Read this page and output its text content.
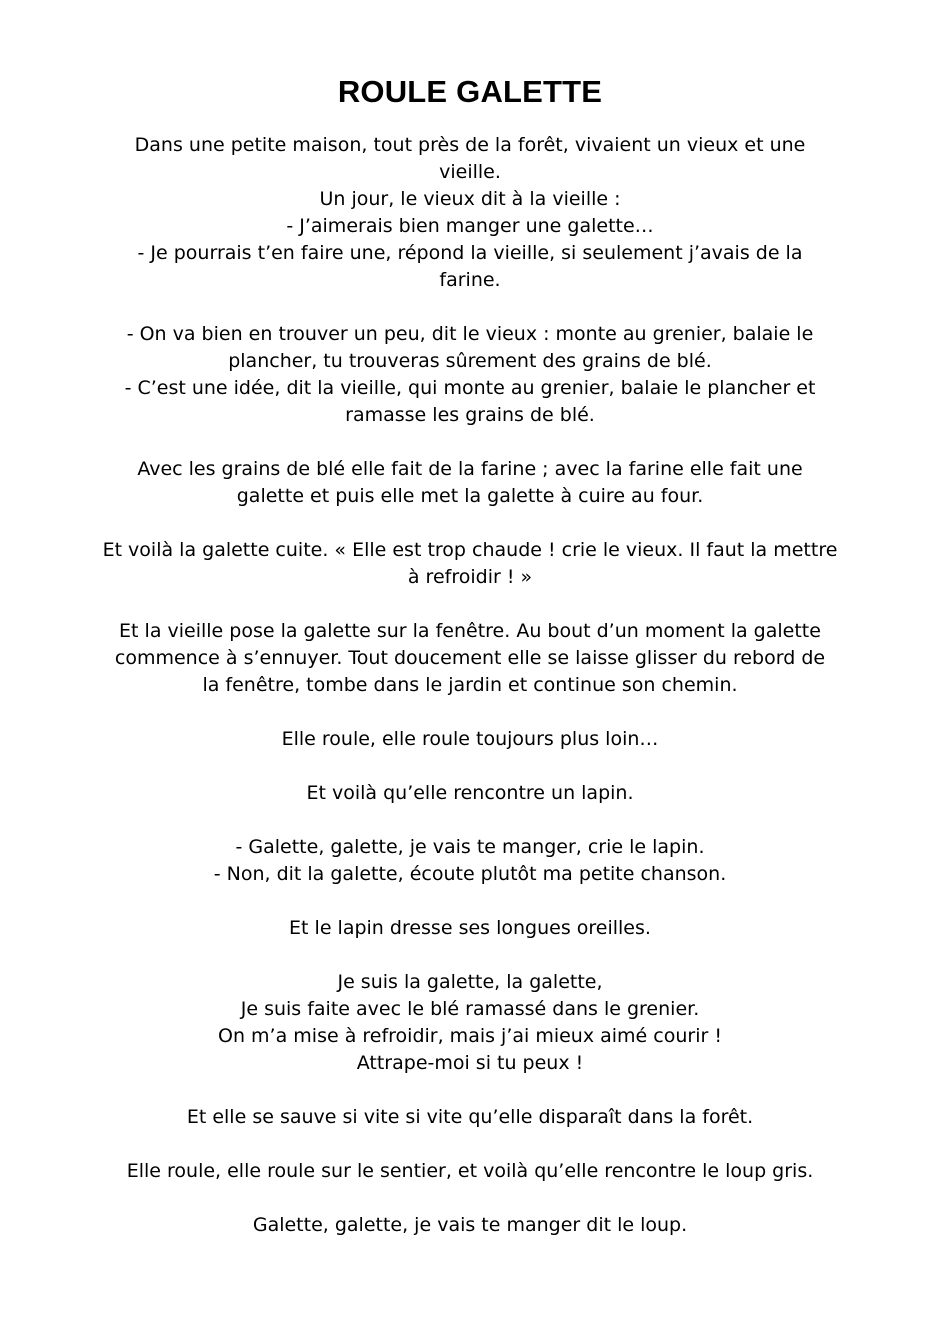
ROULE GALETTE

Dans une petite maison, tout près de la forêt, vivaient un vieux et une
vieille.
Un jour, le vieux dit à la vieille :
- J’aimerais bien manger une galette…
- Je pourrais t’en faire une, répond la vieille, si seulement j’avais de la
farine.

- On va bien en trouver un peu, dit le vieux : monte au grenier, balaie le
plancher, tu trouveras sûrement des grains de blé.
- C’est une idée, dit la vieille, qui monte au grenier, balaie le plancher et
ramasse les grains de blé.

Avec les grains de blé elle fait de la farine ; avec la farine elle fait une
galette et puis elle met la galette à cuire au four.

Et voilà la galette cuite. « Elle est trop chaude ! crie le vieux. Il faut la mettre
à refroidir ! »

Et la vieille pose la galette sur la fenêtre. Au bout d’un moment la galette
commence à s’ennuyer. Tout doucement elle se laisse glisser du rebord de
la fenêtre, tombe dans le jardin et continue son chemin.

Elle roule, elle roule toujours plus loin…

Et voilà qu’elle rencontre un lapin.

- Galette, galette, je vais te manger, crie le lapin.
- Non, dit la galette, écoute plutôt ma petite chanson.

Et le lapin dresse ses longues oreilles.

Je suis la galette, la galette,
Je suis faite avec le blé ramassé dans le grenier.
On m’a mise à refroidir, mais j’ai mieux aimé courir !
Attrape-moi si tu peux !

Et elle se sauve si vite si vite qu’elle disparaît dans la forêt.

Elle roule, elle roule sur le sentier, et voilà qu’elle rencontre le loup gris.

Galette, galette, je vais te manger dit le loup.
